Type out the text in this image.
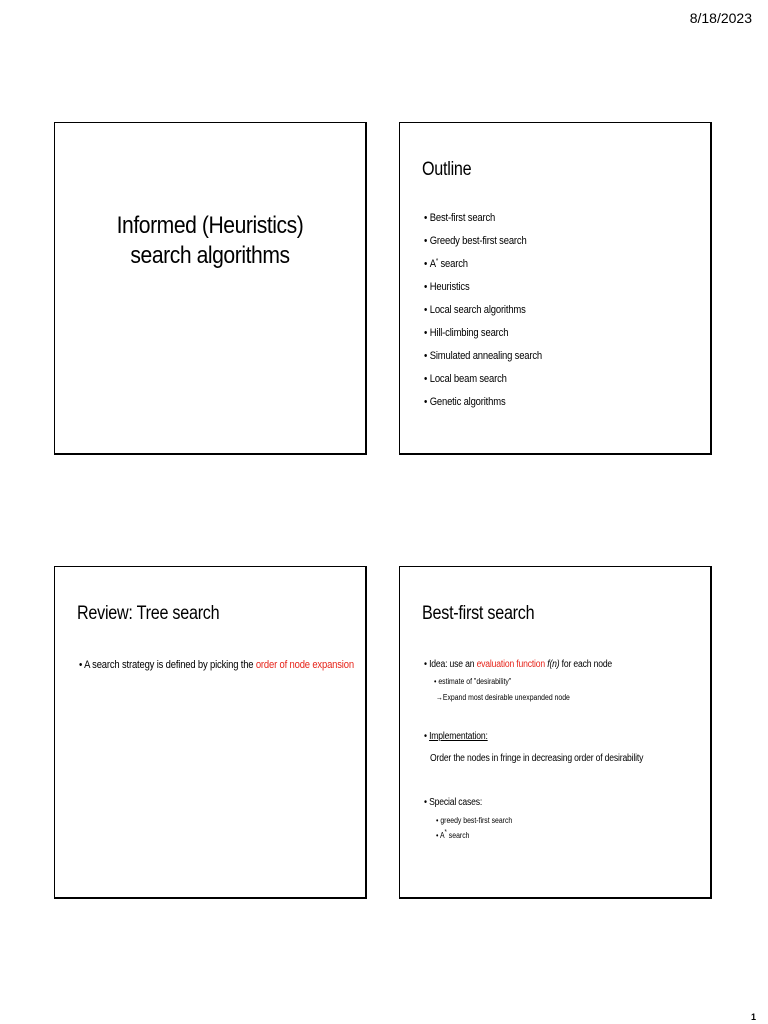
8/18/2023
Informed (Heuristics)
search algorithms
Outline
• Best-first search
• Greedy best-first search
• A* search
• Heuristics
• Local search algorithms
• Hill-climbing search
• Simulated annealing search
• Local beam search
• Genetic algorithms
Review: Tree search
• A search strategy is defined by picking the order of node expansion
Best-first search
• Idea: use an evaluation function f(n) for each node
• estimate of "desirability"
→Expand most desirable unexpanded node
• Implementation:
Order the nodes in fringe in decreasing order of desirability
• Special cases:
• greedy best-first search
• A* search
1
